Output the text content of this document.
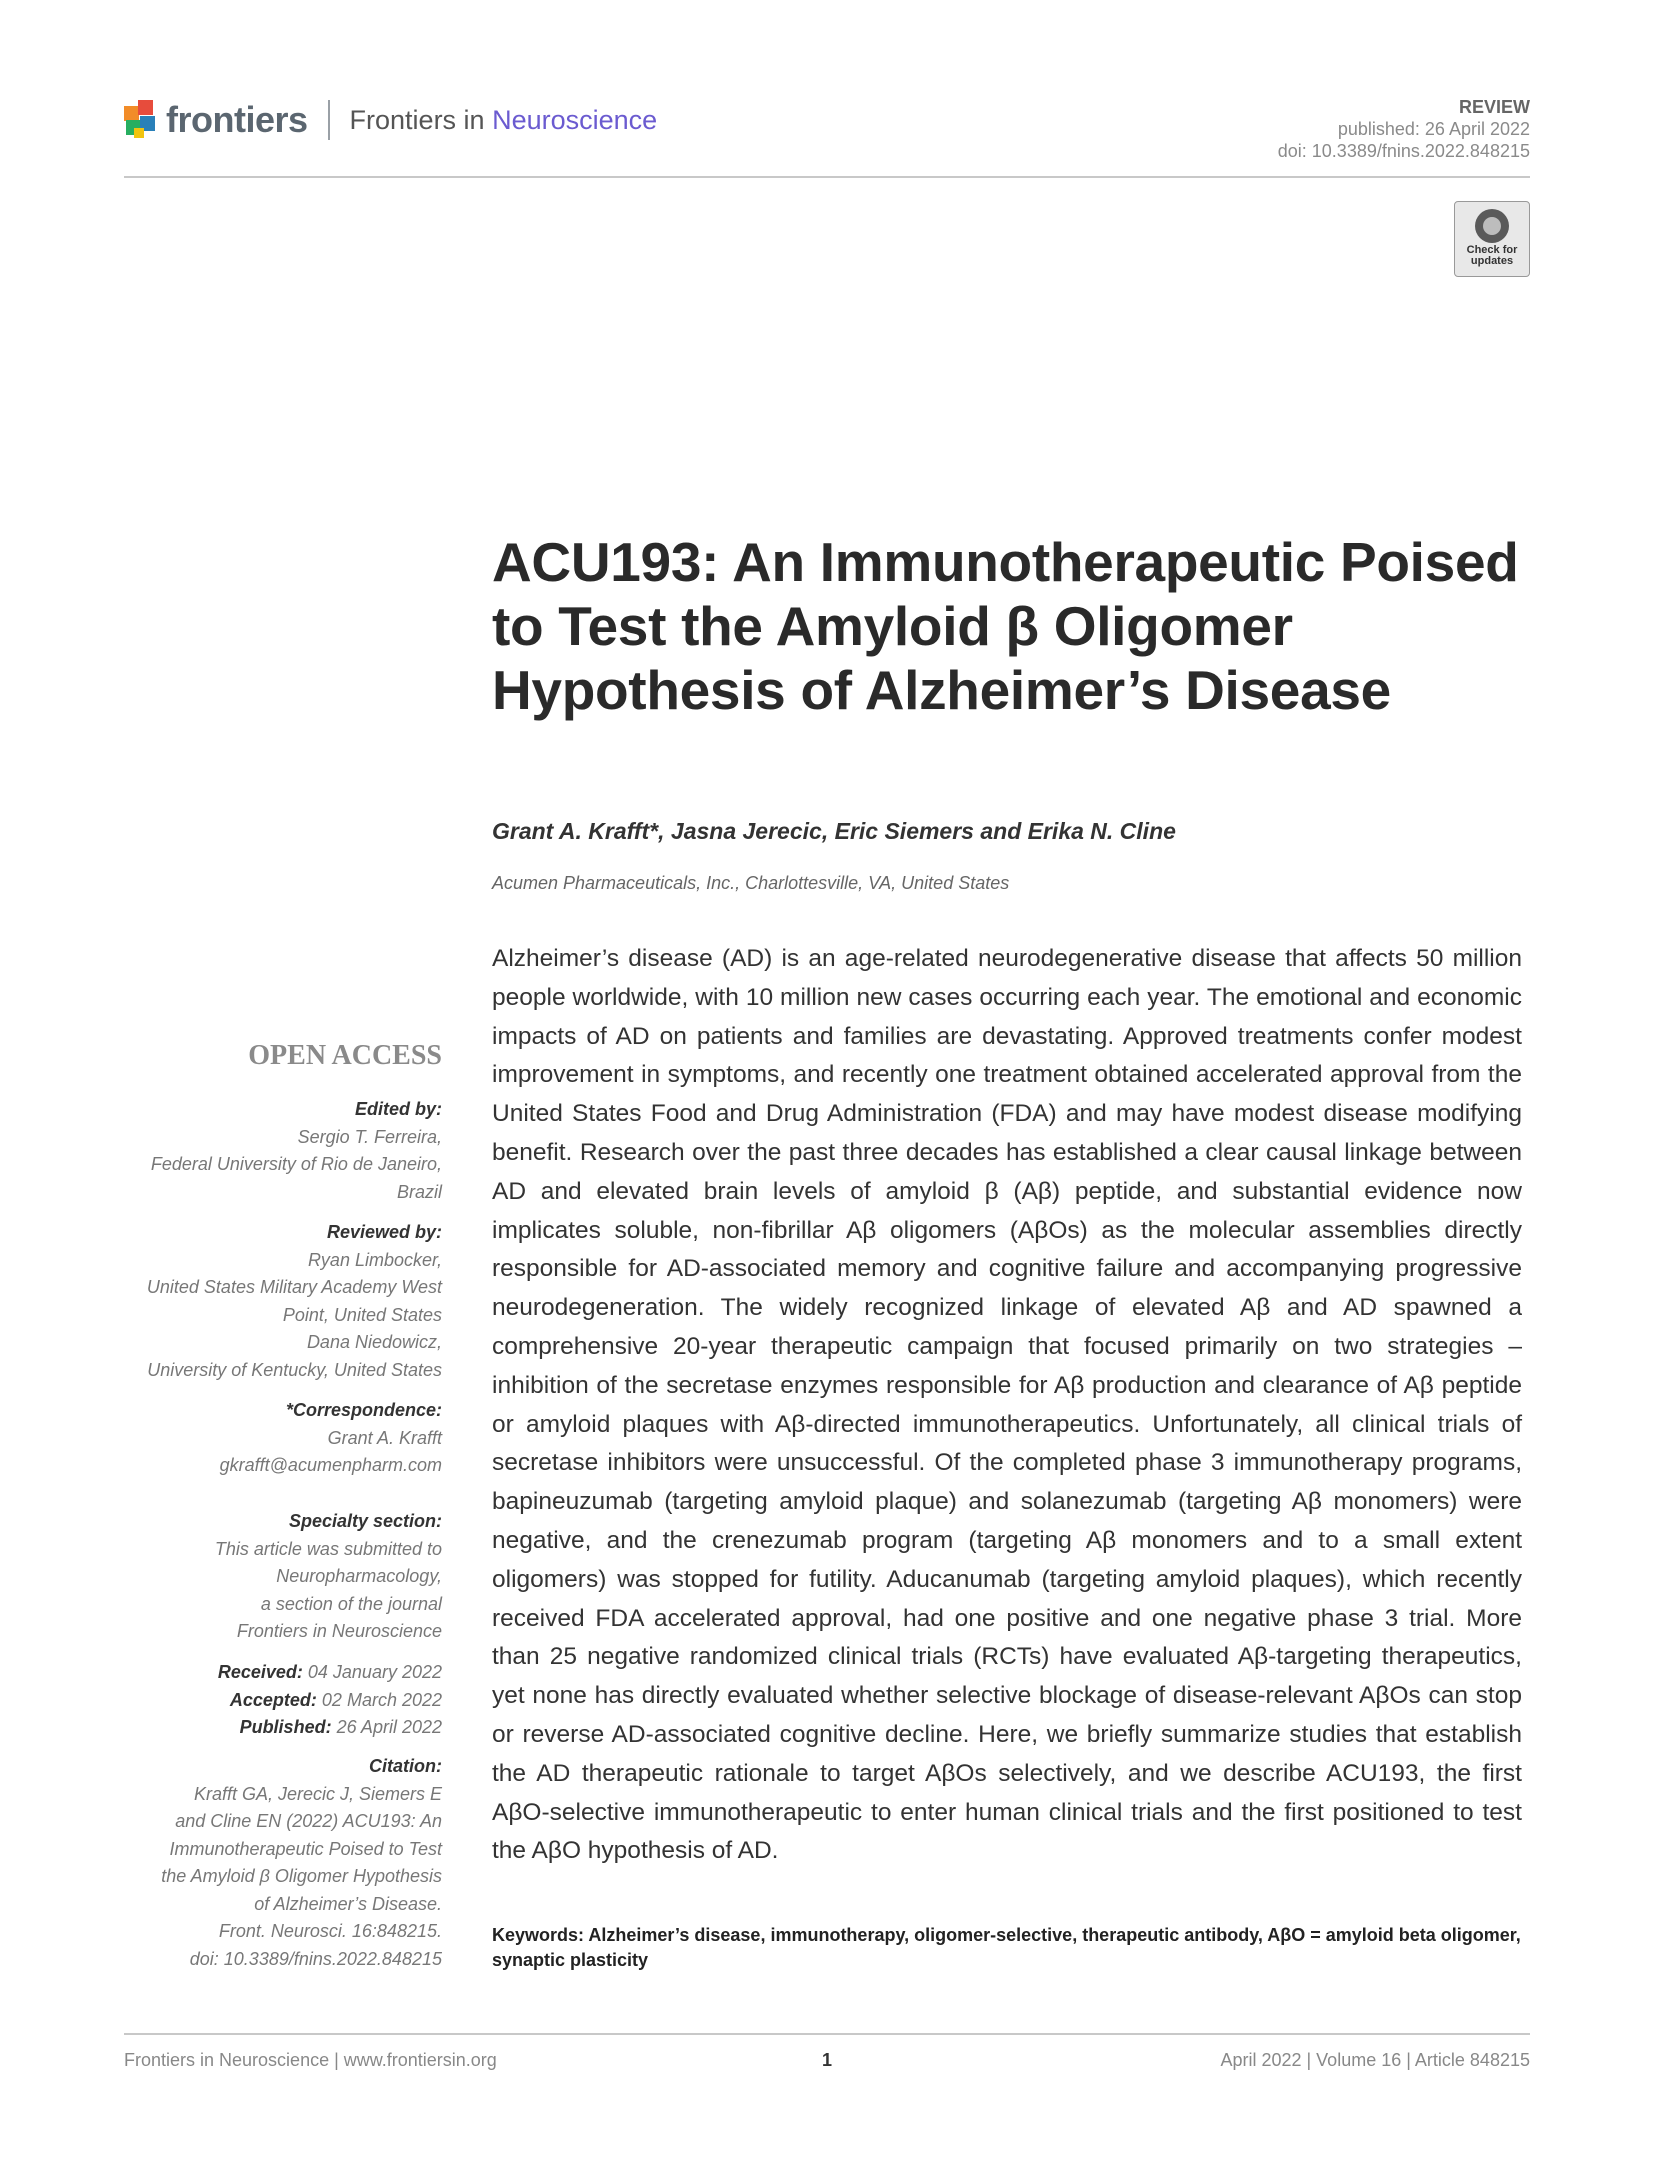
frontiers Frontiers in Neuroscience	REVIEW
published: 26 April 2022
doi: 10.3389/fnins.2022.848215
Check for updates
ACU193: An Immunotherapeutic Poised to Test the Amyloid β Oligomer Hypothesis of Alzheimer’s Disease
Grant A. Krafft*, Jasna Jerecic, Eric Siemers and Erika N. Cline
Acumen Pharmaceuticals, Inc., Charlottesville, VA, United States
OPEN ACCESS
Edited by:
Sergio T. Ferreira,
Federal University of Rio de Janeiro,
Brazil
Reviewed by:
Ryan Limbocker,
United States Military Academy West
Point, United States
Dana Niedowicz,
University of Kentucky, United States
*Correspondence:
Grant A. Krafft
gkrafft@acumenpharm.com
Specialty section:
This article was submitted to
Neuropharmacology,
a section of the journal
Frontiers in Neuroscience
Received: 04 January 2022
Accepted: 02 March 2022
Published: 26 April 2022
Citation:
Krafft GA, Jerecic J, Siemers E
and Cline EN (2022) ACU193: An
Immunotherapeutic Poised to Test
the Amyloid β Oligomer Hypothesis
of Alzheimer’s Disease.
Front. Neurosci. 16:848215.
doi: 10.3389/fnins.2022.848215
Alzheimer’s disease (AD) is an age-related neurodegenerative disease that affects 50 million people worldwide, with 10 million new cases occurring each year. The emotional and economic impacts of AD on patients and families are devastating. Approved treatments confer modest improvement in symptoms, and recently one treatment obtained accelerated approval from the United States Food and Drug Administration (FDA) and may have modest disease modifying benefit. Research over the past three decades has established a clear causal linkage between AD and elevated brain levels of amyloid β (Aβ) peptide, and substantial evidence now implicates soluble, non-fibrillar Aβ oligomers (AβOs) as the molecular assemblies directly responsible for AD-associated memory and cognitive failure and accompanying progressive neurodegeneration. The widely recognized linkage of elevated Aβ and AD spawned a comprehensive 20-year therapeutic campaign that focused primarily on two strategies – inhibition of the secretase enzymes responsible for Aβ production and clearance of Aβ peptide or amyloid plaques with Aβ-directed immunotherapeutics. Unfortunately, all clinical trials of secretase inhibitors were unsuccessful. Of the completed phase 3 immunotherapy programs, bapineuzumab (targeting amyloid plaque) and solanezumab (targeting Aβ monomers) were negative, and the crenezumab program (targeting Aβ monomers and to a small extent oligomers) was stopped for futility. Aducanumab (targeting amyloid plaques), which recently received FDA accelerated approval, had one positive and one negative phase 3 trial. More than 25 negative randomized clinical trials (RCTs) have evaluated Aβ-targeting therapeutics, yet none has directly evaluated whether selective blockage of disease-relevant AβOs can stop or reverse AD-associated cognitive decline. Here, we briefly summarize studies that establish the AD therapeutic rationale to target AβOs selectively, and we describe ACU193, the first AβO-selective immunotherapeutic to enter human clinical trials and the first positioned to test the AβO hypothesis of AD.
Keywords: Alzheimer’s disease, immunotherapy, oligomer-selective, therapeutic antibody, AβO = amyloid beta oligomer, synaptic plasticity
Frontiers in Neuroscience | www.frontiersin.org	1	April 2022 | Volume 16 | Article 848215
